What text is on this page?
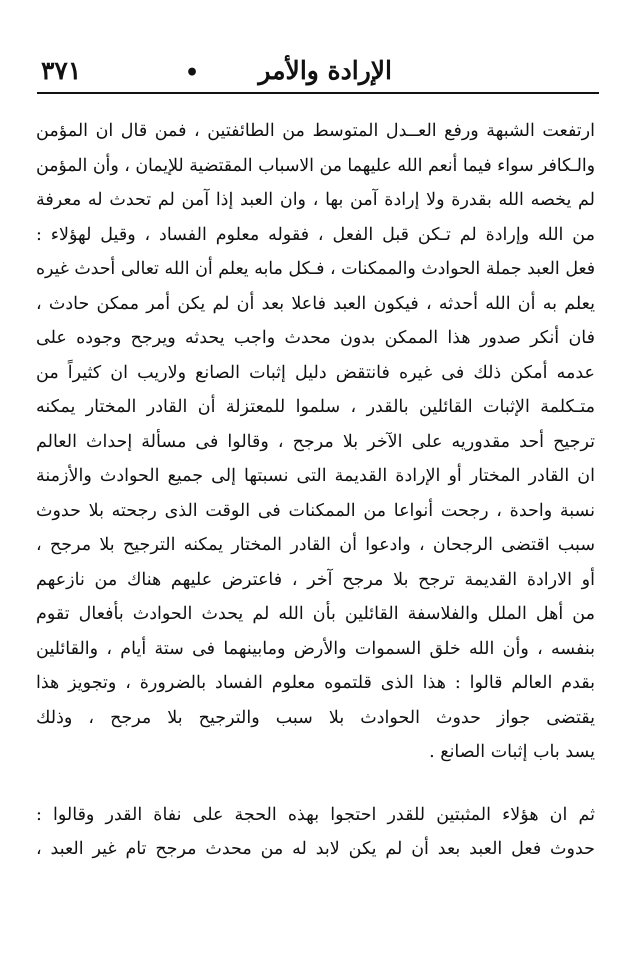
الإرادة والأمر
•
٣٧١
ارتفعت الشبهة ورفع العــدل المتوسط من الطائفتين ، فمن قال ان المؤمن
والـكافر سواء فيما أنعم الله عليهما من الاسباب المقتضية للإيمان ، وأن المؤمن
لم يخصه الله بقدرة ولا إرادة آمن بها ، وان العبد إذا آمن لم تحدث له معرفة
من الله وإرادة لم تـكن قبل الفعل ، فقوله معلوم الفساد ، وقيل لهؤلاء :
فعل العبد جملة الحوادث والممكنات ، فـكل مابه يعلم أن الله تعالى أحدث غيره
يعلم به أن الله أحدثه ، فيكون العبد فاعلا بعد أن لم يكن أمر ممكن حادث ،
فان أنكر صدور هذا الممكن بدون محدث واجب يحدثه ويرجح وجوده على
عدمه أمكن ذلك فى غيره فانتقض دليل إثبات الصانع ولاريب ان كثيراً من
متـكلمة الإثبات القائلين بالقدر ، سلموا للمعتزلة أن القادر المختار يمكنه
ترجيح أحد مقدوريه على الآخر بلا مرجح ، وقالوا فى مسألة إحداث العالم
ان القادر المختار أو الإرادة القديمة التى نسبتها إلى جميع الحوادث والأزمنة
نسبة واحدة ، رجحت أنواعا من الممكنات فى الوقت الذى رجحته بلا حدوث
سبب اقتضى الرجحان ، وادعوا أن القادر المختار يمكنه الترجيح بلا مرجح ،
أو الارادة القديمة ترجح بلا مرجح آخر ، فاعترض عليهم هناك من نازعهم
من أهل الملل والفلاسفة القائلين بأن الله لم يحدث الحوادث بأفعال تقوم
بنفسه ، وأن الله خلق السموات والأرض ومابينهما فى ستة أيام ، والقائلين
بقدم العالم قالوا : هذا الذى قلتموه معلوم الفساد بالضرورة ، وتجويز هذا
يقتضى جواز حدوث الحوادث بلا سبب والترجيح بلا مرجح ، وذلك
يسد باب إثبات الصانع .
ثم ان هؤلاء المثبتين للقدر احتجوا بهذه الحجة على نفاة القدر وقالوا :
حدوث فعل العبد بعد أن لم يكن لابد له من محدث مرجح تام غير العبد ،
